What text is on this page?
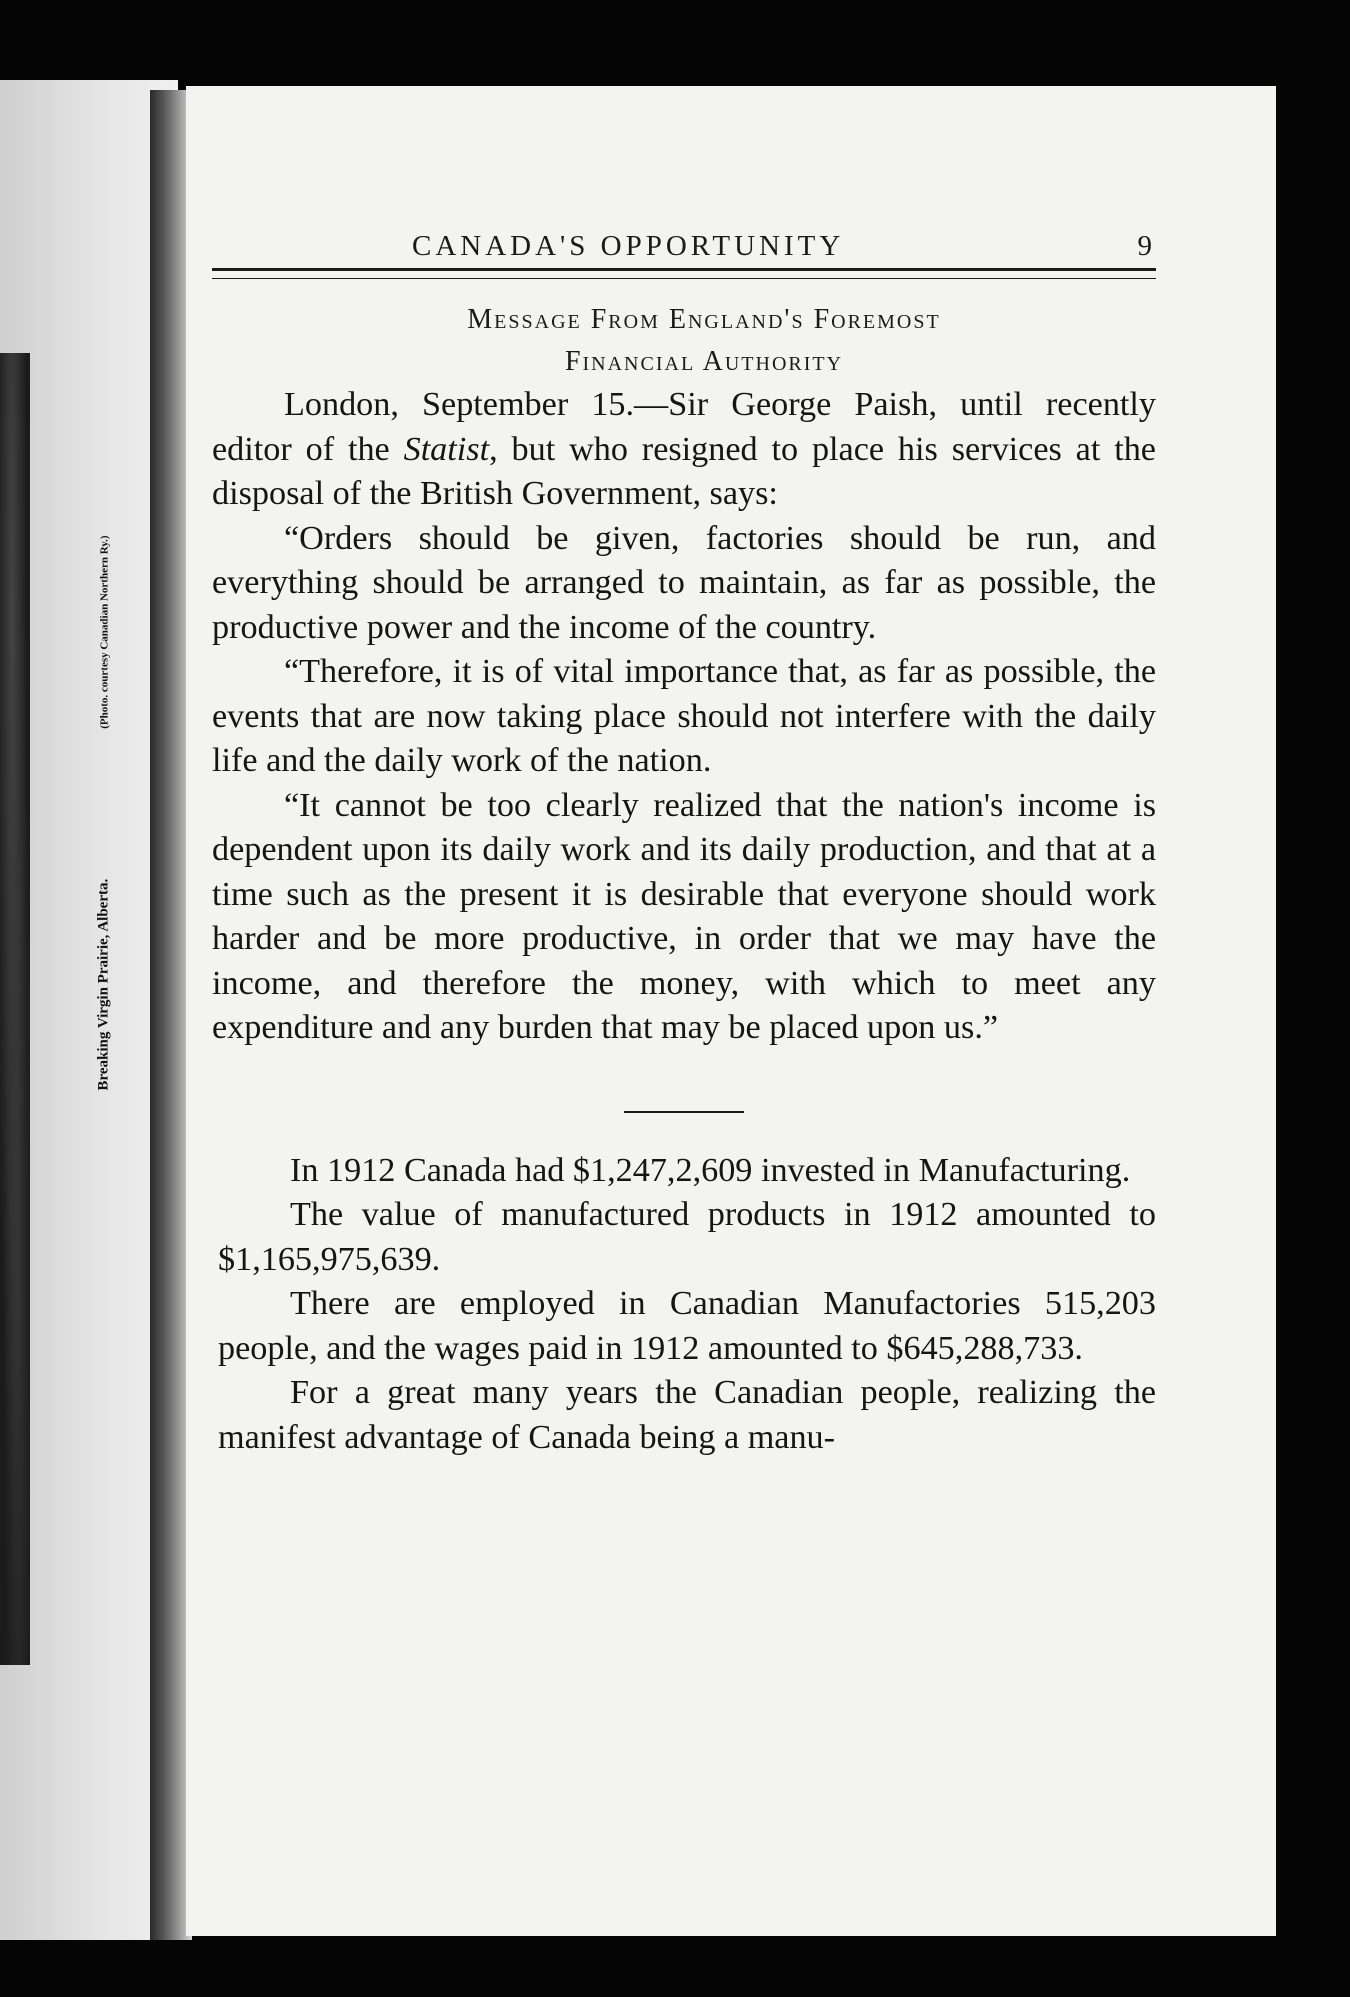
Breaking Virgin Prairie, Alberta.
(Photo. courtesy Canadian Northern Ry.)
CANADA'S OPPORTUNITY	9
Message From England's Foremost
Financial Authority

London, September 15.—Sir George Paish, until recently editor of the Statist, but who resigned to place his services at the disposal of the British Government, says:

“Orders should be given, factories should be run, and everything should be arranged to maintain, as far as possible, the productive power and the income of the country.

“Therefore, it is of vital importance that, as far as possible, the events that are now taking place should not interfere with the daily life and the daily work of the nation.

“It cannot be too clearly realized that the nation's income is dependent upon its daily work and its daily production, and that at a time such as the present it is desirable that everyone should work harder and be more productive, in order that we may have the income, and therefore the money, with which to meet any expenditure and any burden that may be placed upon us.”

In 1912 Canada had $1,247,2,609 invested in Manufacturing.

The value of manufactured products in 1912 amounted to $1,165,975,639.

There are employed in Canadian Manufactories 515,203 people, and the wages paid in 1912 amounted to $645,288,733.

For a great many years the Canadian people, realizing the manifest advantage of Canada being a manu-
